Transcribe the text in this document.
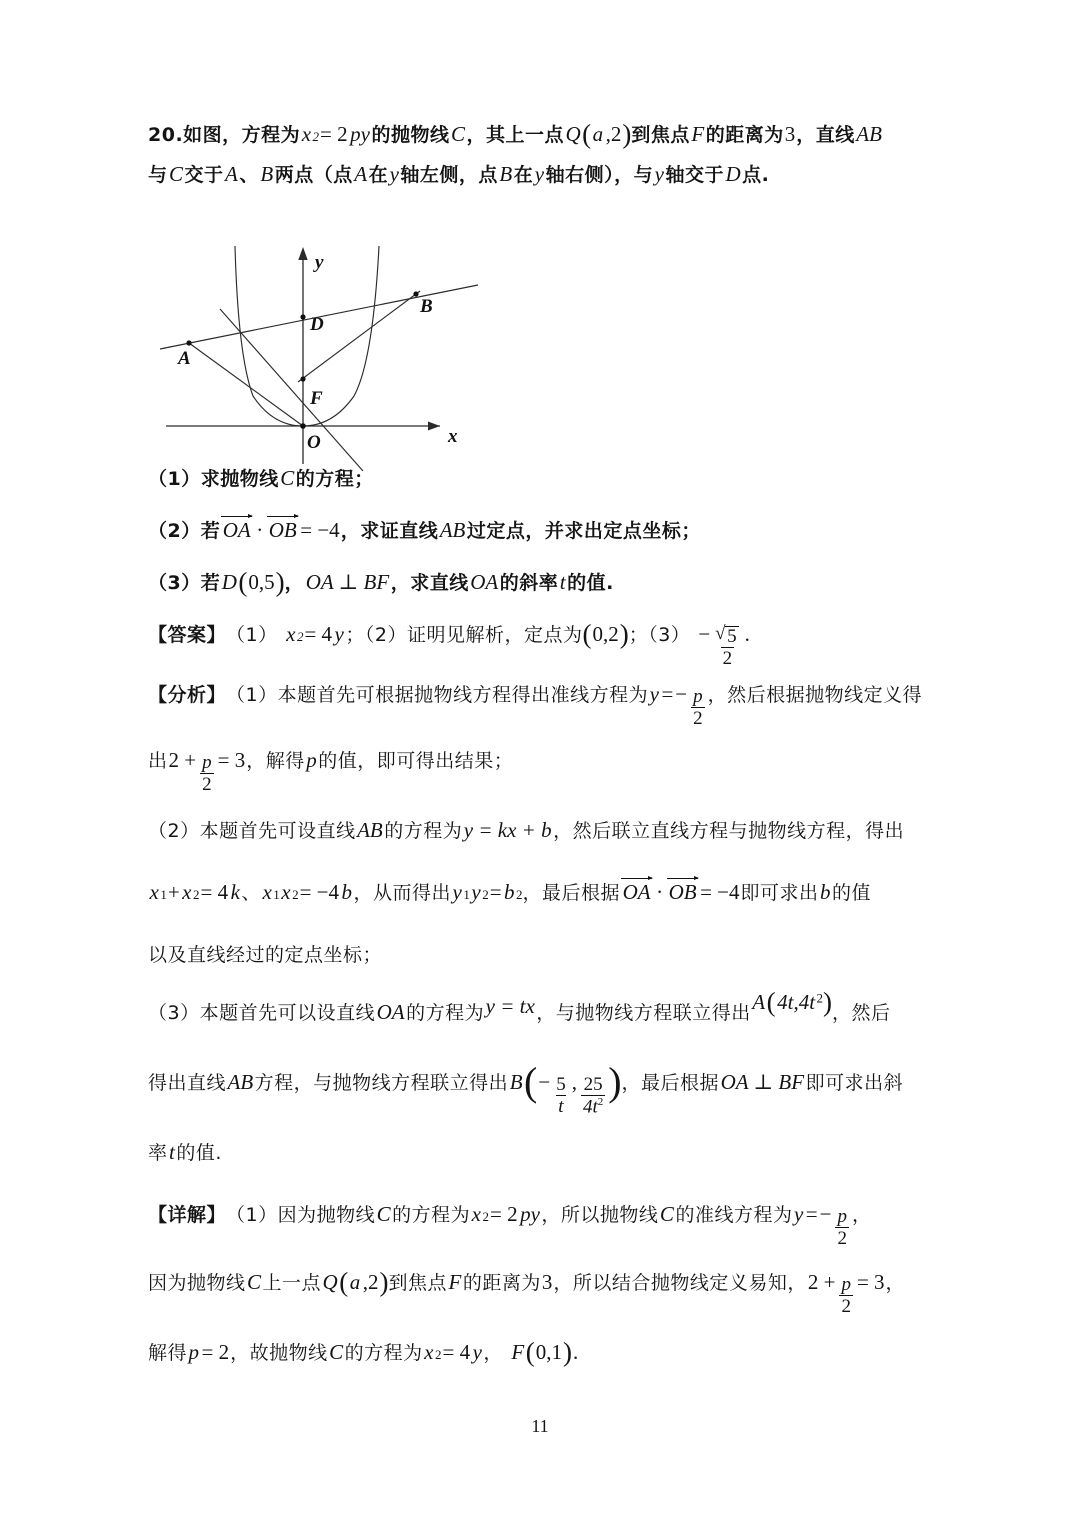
20. 如图，方程为 x 2 = 2 py 的抛物线 C ，其上一点 Q ( a ,2 ) 到焦点 F 的距离为 3 ，直线 AB
与 C 交于 A 、 B 两点（点 A 在 y 轴左侧，点 B 在 y 轴右侧），与 y 轴交于 D 点.
y
x
A
B
D
F
O
（1） 求抛物线 C 的方程；
（2） 若 OA · OB = −4 ，求证直线 AB 过定点，并求出定点坐标；
（3） 若 D ( 0,5 ) ， OA ⊥ BF ，求直线 OA 的斜率 t 的值.
【答案】 （1） x 2 = 4 y ；（2） 证明见解析，定点为 ( 0,2 ) ；（3） − √ $\frac{5}{2}$ .
【分析】 （1） 本题首先可根据抛物线方程得出准线方程为 y = − $\frac{p}{2}$ ，然后根据抛物线定义得
出 $2 + \frac{p}{2} = 3$ ，解得 p 的值，即可得出结果；
（2） 本题首先可设直线 AB 的方程为 y = kx + b ，然后联立直线方程与抛物线方程，得出
x 1 + x 2 = 4 k 、 x 1 x 2 = −4 b ，从而得出 y 1 y 2 = b 2 ，最后根据 OA · OB = −4 即可求出 b 的值
以及直线经过的定点坐标；
（3） 本题首先可以设直线 OA 的方程为 y = tx ，与抛物线方程联立得出 A(4t,4t $^2$) ，然后
得出直线 AB 方程，与抛物线方程联立得出 B ( − $\frac{5}{t}$ , $\frac{25}{4t^2}$ ) ，最后根据 OA ⊥ BF 即可求出斜
率 t 的值.
【详解】 （1） 因为抛物线 C 的方程为 x 2 = 2 py ，所以抛物线 C 的准线方程为 y = − $\frac{p}{2}$ ，
因为抛物线 C 上一点 Q ( a ,2 ) 到焦点 F 的距离为 3 ，所以结合抛物线定义易知， $2 + \frac{p}{2} = 3$ ，
解得 p = 2 ，故抛物线 C 的方程为 x 2 = 4 y ， F ( 0,1 ) .
11
